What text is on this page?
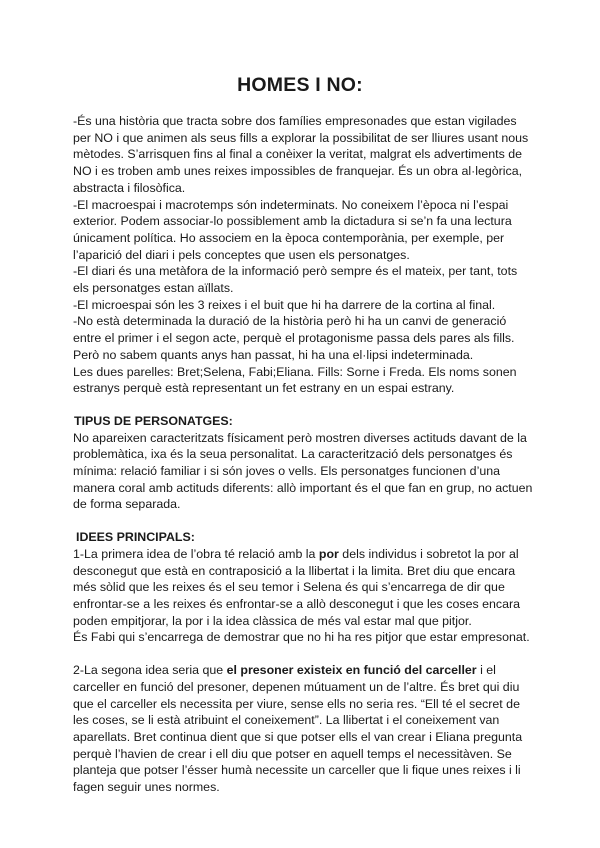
HOMES I NO:

-És una història que tracta sobre dos famílies empresonades que estan vigilades per NO i que animen als seus fills a explorar la possibilitat de ser lliures usant nous mètodes. S’arrisquen fins al final a conèixer la veritat, malgrat els advertiments de NO i es troben amb unes reixes impossibles de franquejar. És un obra al·legòrica, abstracta i filosòfica.

-El macroespai i macrotemps són indeterminats. No coneixem l’època ni l’espai exterior. Podem associar-lo possiblement amb la dictadura si se’n fa una lectura únicament política. Ho associem en la època contemporània, per exemple, per l’aparició del diari i pels conceptes que usen els personatges.

-El diari és una metàfora de la informació però sempre és el mateix, per tant, tots els personatges estan aïllats.

-El microespai són les 3 reixes i el buit que hi ha darrere de la cortina al final.

-No està determinada la duració de la història però hi ha un canvi de generació entre el primer i el segon acte, perquè el protagonisme passa dels pares als fills. Però no sabem quants anys han passat, hi ha una el·lipsi indeterminada.

Les dues parelles: Bret;Selena, Fabi;Eliana. Fills: Sorne i Freda. Els noms sonen estranys perquè està representant un fet estrany en un espai estrany.

TIPUS DE PERSONATGES:

No apareixen caracteritzats físicament però mostren diverses actituds davant de la problemàtica, ixa és la seua personalitat. La caracterització dels personatges és mínima: relació familiar i si són joves o vells. Els personatges funcionen d’una manera coral amb actituds diferents: allò important és el que fan en grup, no actuen de forma separada.

IDEES PRINCIPALS:

1-La primera idea de l’obra té relació amb la por dels individus i sobretot la por al desconegut que està en contraposició a la llibertat i la limita. Bret diu que encara més sòlid que les reixes és el seu temor i Selena és qui s’encarrega de dir que enfrontar-se a les reixes és enfrontar-se a allò desconegut i que les coses encara poden empitjorar, la por i la idea clàssica de més val estar mal que pitjor.

És Fabi qui s’encarrega de demostrar que no hi ha res pitjor que estar empresonat.

2-La segona idea seria que el presoner existeix en funció del carceller i el carceller en funció del presoner, depenen mútuament un de l’altre. És bret qui diu que el carceller els necessita per viure, sense ells no seria res. “Ell té el secret de les coses, se li està atribuint el coneixement”. La llibertat i el coneixement van aparellats. Bret continua dient que si que potser ells el van crear i Eliana pregunta perquè l’havien de crear i ell diu que potser en aquell temps el necessitàven. Se planteja que potser l’ésser humà necessite un carceller que li fique unes reixes i li fagen seguir unes normes.
